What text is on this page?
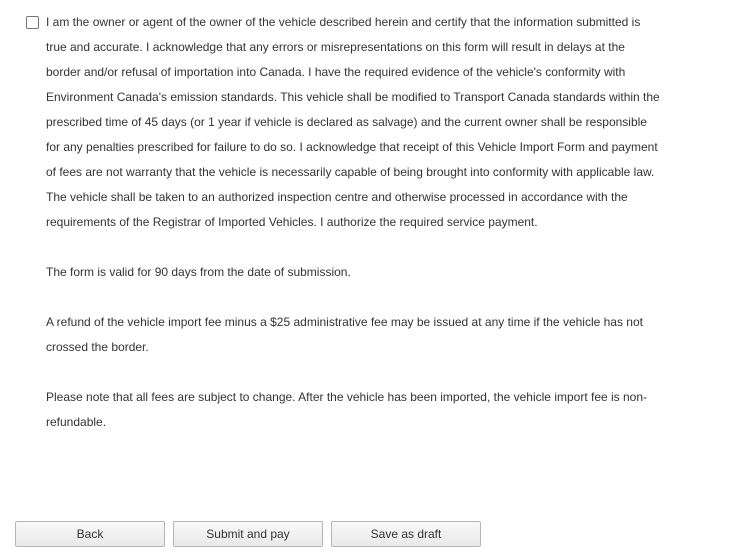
I am the owner or agent of the owner of the vehicle described herein and certify that the information submitted is true and accurate. I acknowledge that any errors or misrepresentations on this form will result in delays at the border and/or refusal of importation into Canada. I have the required evidence of the vehicle's conformity with Environment Canada's emission standards. This vehicle shall be modified to Transport Canada standards within the prescribed time of 45 days (or 1 year if vehicle is declared as salvage) and the current owner shall be responsible for any penalties prescribed for failure to do so. I acknowledge that receipt of this Vehicle Import Form and payment of fees are not warranty that the vehicle is necessarily capable of being brought into conformity with applicable law. The vehicle shall be taken to an authorized inspection centre and otherwise processed in accordance with the requirements of the Registrar of Imported Vehicles. I authorize the required service payment.

The form is valid for 90 days from the date of submission.

A refund of the vehicle import fee minus a $25 administrative fee may be issued at any time if the vehicle has not crossed the border.

Please note that all fees are subject to change. After the vehicle has been imported, the vehicle import fee is non-refundable.

Back	Submit and pay	Save as draft
